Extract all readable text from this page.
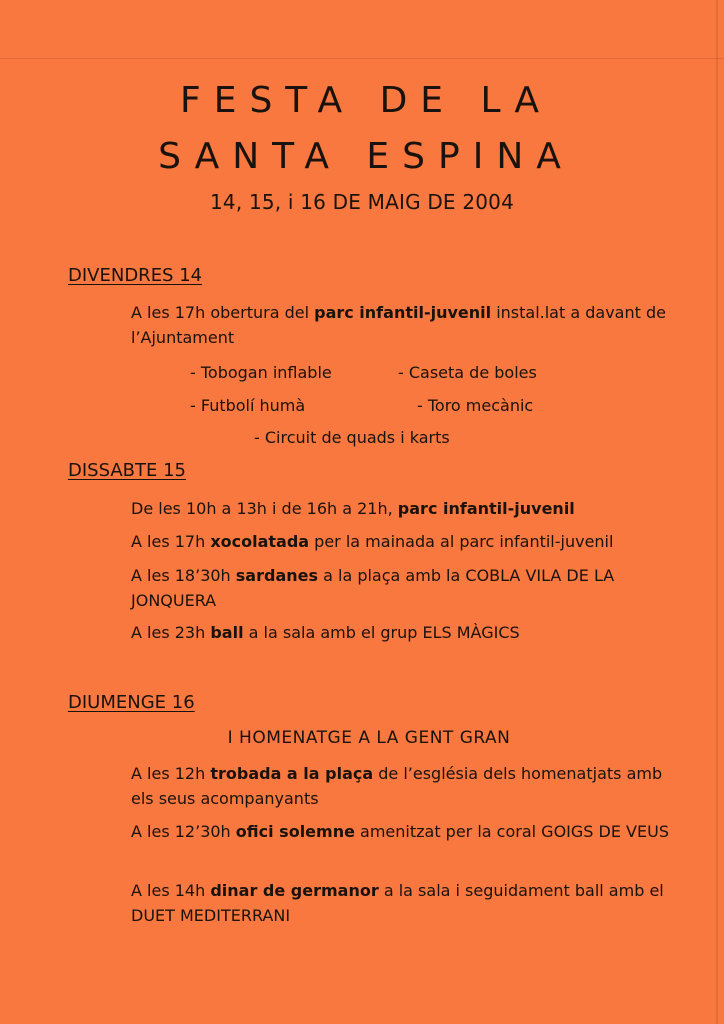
FESTA DE LA
SANTA ESPINA
14, 15, i 16 DE MAIG DE 2004
DIVENDRES 14
A les 17h obertura del parc infantil-juvenil instal.lat a davant de l’Ajuntament
- Tobogan inflable	- Caseta de boles
- Futbolí humà	- Toro mecànic
- Circuit de quads i karts
DISSABTE 15
De les 10h a 13h i de 16h a 21h, parc infantil-juvenil
A les 17h xocolatada per la mainada al parc infantil-juvenil
A les 18’30h sardanes a la plaça amb la COBLA VILA DE LA JONQUERA
A les 23h ball a la sala amb el grup ELS MÀGICS
DIUMENGE 16
I HOMENATGE A LA GENT GRAN
A les 12h trobada a la plaça de l’església dels homenatjats amb els seus acompanyants
A les 12’30h ofici solemne amenitzat per la coral GOIGS DE VEUS
A les 14h dinar de germanor a la sala i seguidament ball amb el DUET MEDITERRANI
